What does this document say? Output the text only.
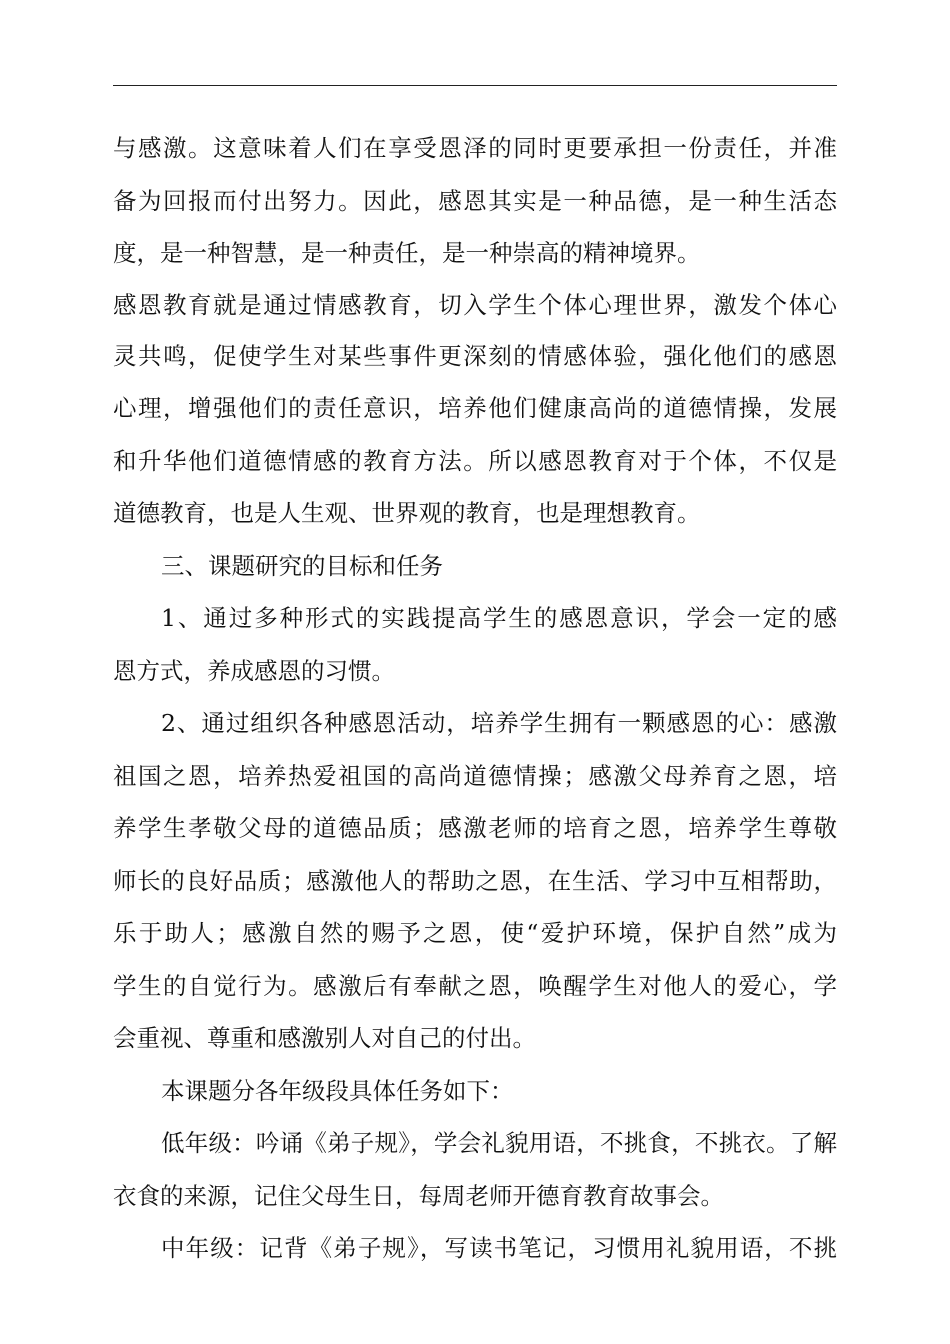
与感激。这意味着人们在享受恩泽的同时更要承担一份责任，并准
备为回报而付出努力。因此，感恩其实是一种品德，是一种生活态
度，是一种智慧，是一种责任，是一种崇高的精神境界。
感恩教育就是通过情感教育，切入学生个体心理世界，激发个体心
灵共鸣，促使学生对某些事件更深刻的情感体验，强化他们的感恩
心理，增强他们的责任意识，培养他们健康高尚的道德情操，发展
和升华他们道德情感的教育方法。所以感恩教育对于个体，不仅是
道德教育，也是人生观、世界观的教育，也是理想教育。
三、课题研究的目标和任务
1、通过多种形式的实践提高学生的感恩意识，学会一定的感
恩方式，养成感恩的习惯。
2、通过组织各种感恩活动，培养学生拥有一颗感恩的心：感激
祖国之恩，培养热爱祖国的高尚道德情操；感激父母养育之恩，培
养学生孝敬父母的道德品质；感激老师的培育之恩，培养学生尊敬
师长的良好品质；感激他人的帮助之恩，在生活、学习中互相帮助，
乐于助人；感激自然的赐予之恩，使“爱护环境，保护自然”成为
学生的自觉行为。感激后有奉献之恩，唤醒学生对他人的爱心，学
会重视、尊重和感激别人对自己的付出。
本课题分各年级段具体任务如下：
低年级：吟诵《弟子规》，学会礼貌用语，不挑食，不挑衣。了解
衣食的来源，记住父母生日，每周老师开德育教育故事会。
中年级：记背《弟子规》，写读书笔记，习惯用礼貌用语，不挑
